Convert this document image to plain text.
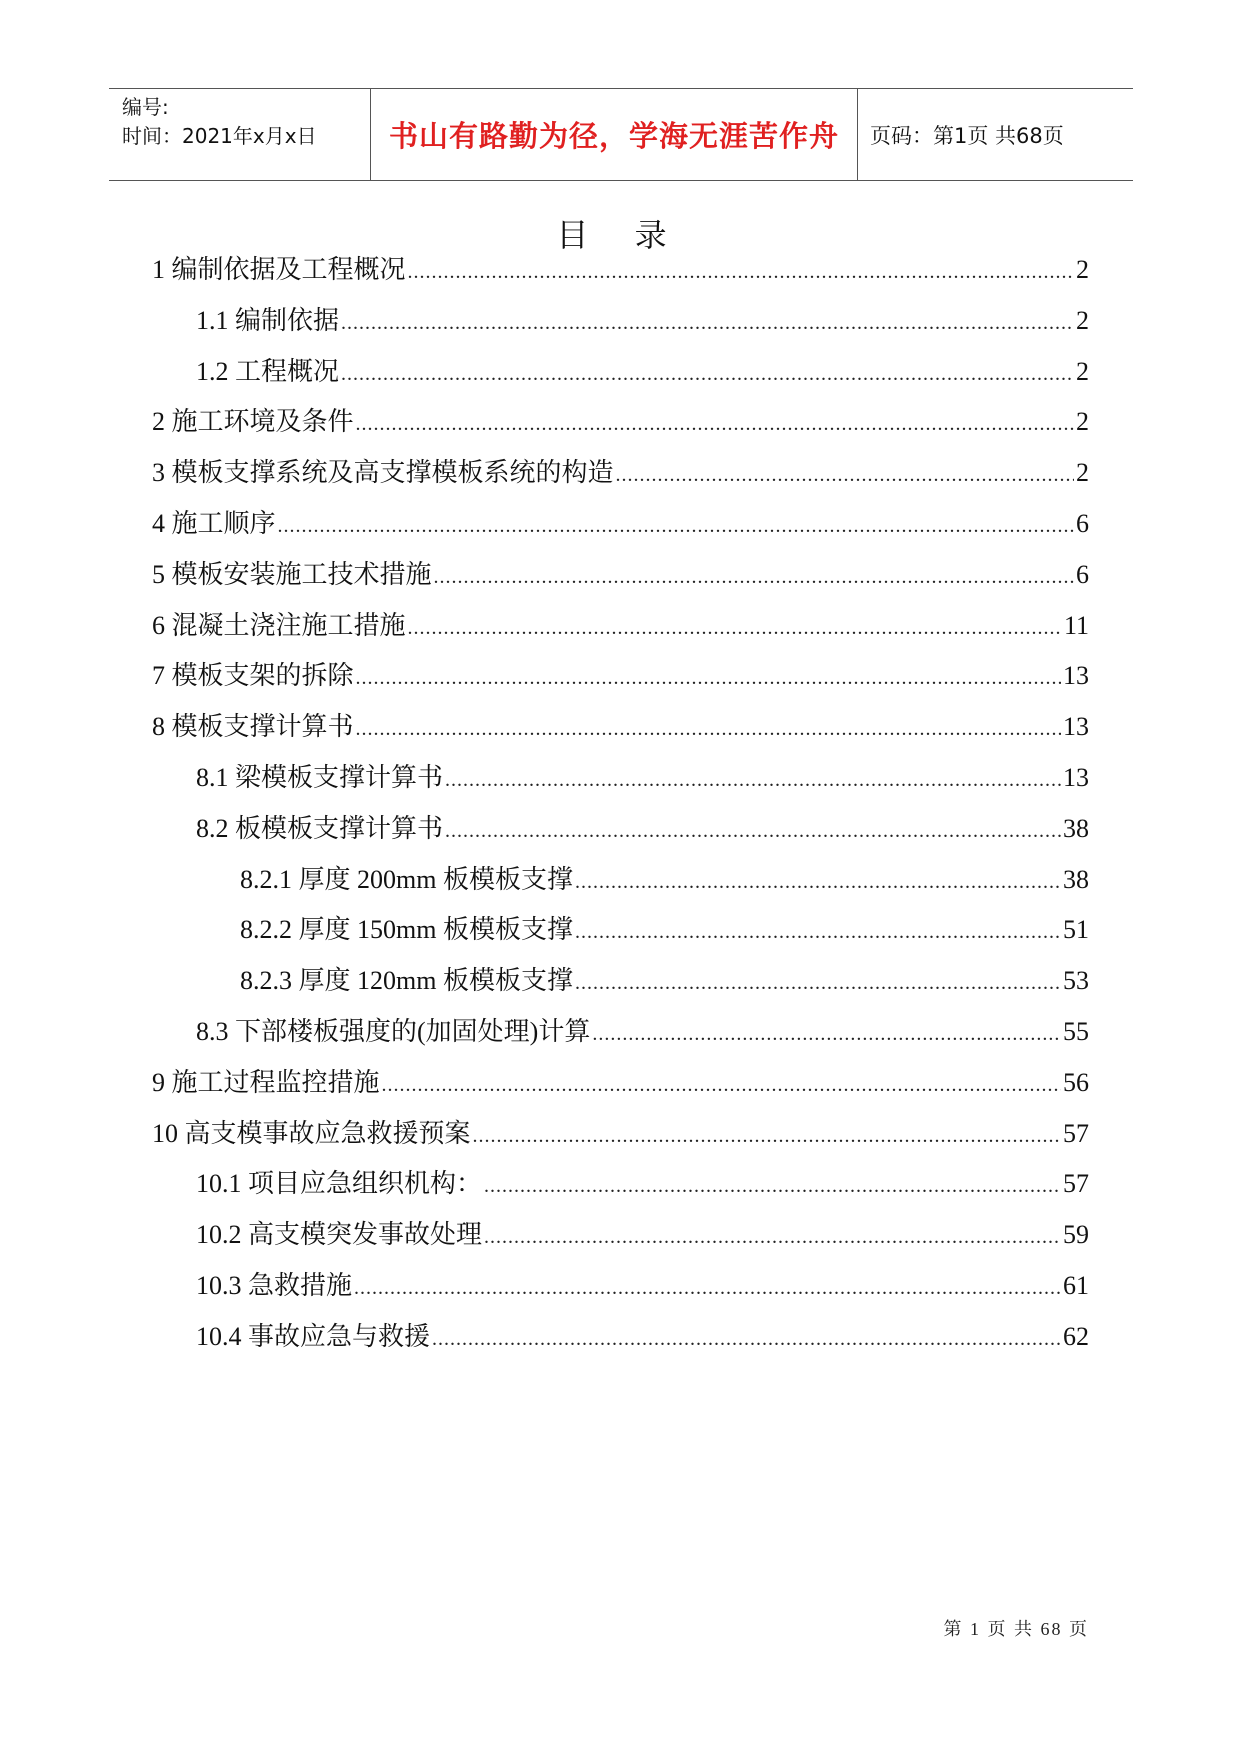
编号:
时间：2021年x月x日	书山有路勤为径，学海无涯苦作舟 页码：第1页 共68页
目 录
1 编制依据及工程概况 .....	2
1.1 编制依据 .....	2
1.2 工程概况 .....	2
2 施工环境及条件 .....	2
3 模板支撑系统及高支撑模板系统的构造 .....	2
4 施工顺序 .....	6
5 模板安装施工技术措施 .....	6
6 混凝土浇注施工措施 .....	11
7 模板支架的拆除 .....	13
8 模板支撑计算书 .....	13
8.1 梁模板支撑计算书 .....	13
8.2 板模板支撑计算书 .....	38
8.2.1 厚度 200mm 板模板支撑 .....	38
8.2.2 厚度 150mm 板模板支撑 .....	51
8.2.3 厚度 120mm 板模板支撑 .....	53
8.3 下部楼板强度的(加固处理)计算 .....	55
9 施工过程监控措施 .....	56
10 高支模事故应急救援预案 .....	57
10.1 项目应急组织机构： .....	57
10.2 高支模突发事故处理 .....	59
10.3 急救措施 .....	61
10.4 事故应急与救援 .....	62
第 1 页 共 68 页
